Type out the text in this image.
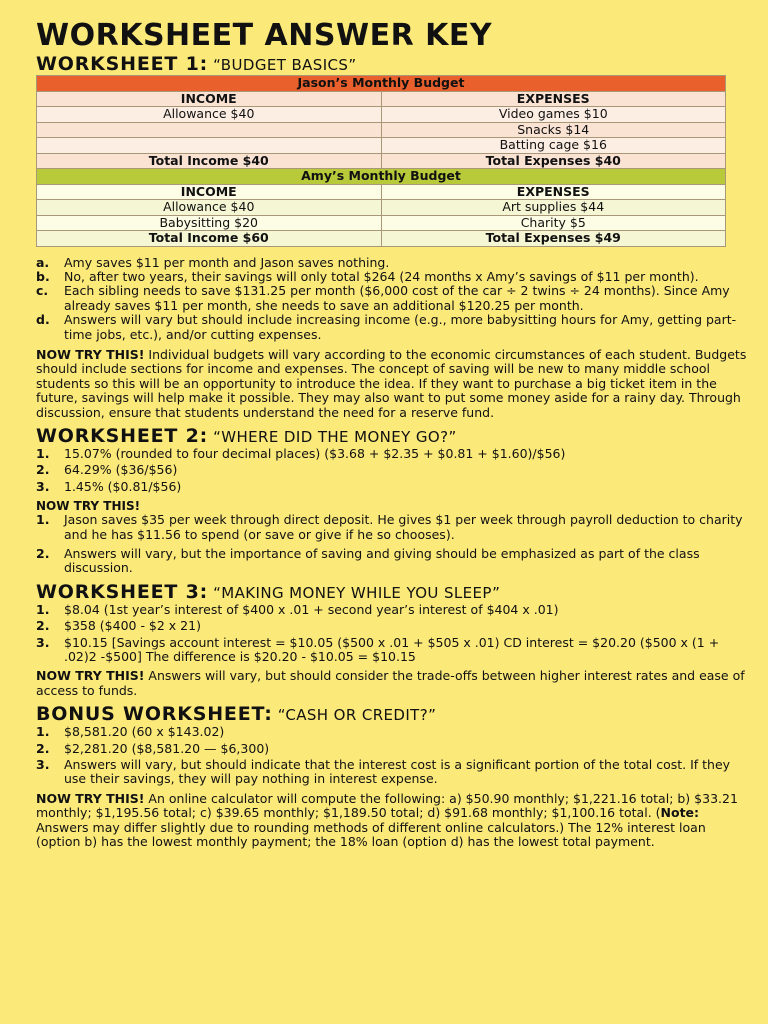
WORKSHEET ANSWER KEY
WORKSHEET 1: “BUDGET BASICS”
Jason’s Monthly Budget	
INCOME	EXPENSES
Allowance $40	Video games $10
	Snacks $14
	Batting cage $16
Total Income $40	Total Expenses $40
Amy’s Monthly Budget	
INCOME	EXPENSES
Allowance $40	Art supplies $44
Babysitting $20	Charity $5
Total Income $60	Total Expenses $49
a. Amy saves $11 per month and Jason saves nothing.
b. No, after two years, their savings will only total $264 (24 months x Amy’s savings of $11 per month).
c. Each sibling needs to save $131.25 per month ($6,000 cost of the car ÷ 2 twins ÷ 24 months). Since Amy already saves $11 per month, she needs to save an additional $120.25 per month.
d. Answers will vary but should include increasing income (e.g., more babysitting hours for Amy, getting part-time jobs, etc.), and/or cutting expenses.

NOW TRY THIS! Individual budgets will vary according to the economic circumstances of each student. Budgets should include sections for income and expenses. The concept of saving will be new to many middle school students so this will be an opportunity to introduce the idea. If they want to purchase a big ticket item in the future, savings will help make it possible. They may also want to put some money aside for a rainy day. Through discussion, ensure that students understand the need for a reserve fund.

WORKSHEET 2: “WHERE DID THE MONEY GO?”
1. 15.07% (rounded to four decimal places) ($3.68 + $2.35 + $0.81 + $1.60)/$56)
2. 64.29% ($36/$56)
3. 1.45% ($0.81/$56)

NOW TRY THIS!

1. Jason saves $35 per week through direct deposit. He gives $1 per week through payroll deduction to charity and he has $11.56 to spend (or save or give if he so chooses).
2. Answers will vary, but the importance of saving and giving should be emphasized as part of the class discussion.
WORKSHEET 3: “MAKING MONEY WHILE YOU SLEEP”
1. $8.04 (1st year’s interest of $400 x .01 + second year’s interest of $404 x .01)
2. $358 ($400 - $2 x 21)
3. $10.15 [Savings account interest = $10.05 ($500 x .01 + $505 x .01) CD interest = $20.20 ($500 x (1 + .02)2 -$500] The difference is $20.20 - $10.05 = $10.15

NOW TRY THIS! Answers will vary, but should consider the trade-offs between higher interest rates and ease of access to funds.

BONUS WORKSHEET: “CASH OR CREDIT?”
1. $8,581.20 (60 x $143.02)
2. $2,281.20 ($8,581.20 — $6,300)
3. Answers will vary, but should indicate that the interest cost is a significant portion of the total cost. If they use their savings, they will pay nothing in interest expense.

NOW TRY THIS! An online calculator will compute the following: a) $50.90 monthly; $1,221.16 total; b) $33.21 monthly; $1,195.56 total; c) $39.65 monthly; $1,189.50 total; d) $91.68 monthly; $1,100.16 total. (Note: Answers may differ slightly due to rounding methods of different online calculators.) The 12% interest loan (option b) has the lowest monthly payment; the 18% loan (option d) has the lowest total payment.
